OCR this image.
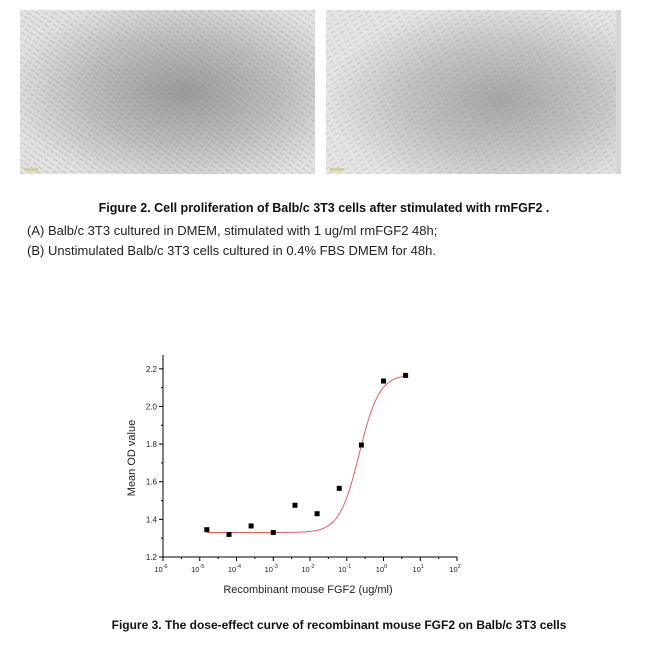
Figure 2. Cell proliferation of Balb/c 3T3 cells after stimulated with rmFGF2 .
(A) Balb/c 3T3 cultured in DMEM, stimulated with 1 ug/ml rmFGF2 48h;
(B) Unstimulated Balb/c 3T3 cells cultured in 0.4% FBS DMEM for 48h.
$10^{-6}$	$10^{-5}$	$10^{-4}$	$10^{-3}$	$10^{-2}$	$10^{-1}$	$10^0$	$10^1$	$10^2$
1.2
1.4
1.6
1.8
2.0
2.2
Recombinant mouse FGF2 (ug/ml)
Mean OD value
Figure 3. The dose-effect curve of recombinant mouse FGF2 on Balb/c 3T3 cells
